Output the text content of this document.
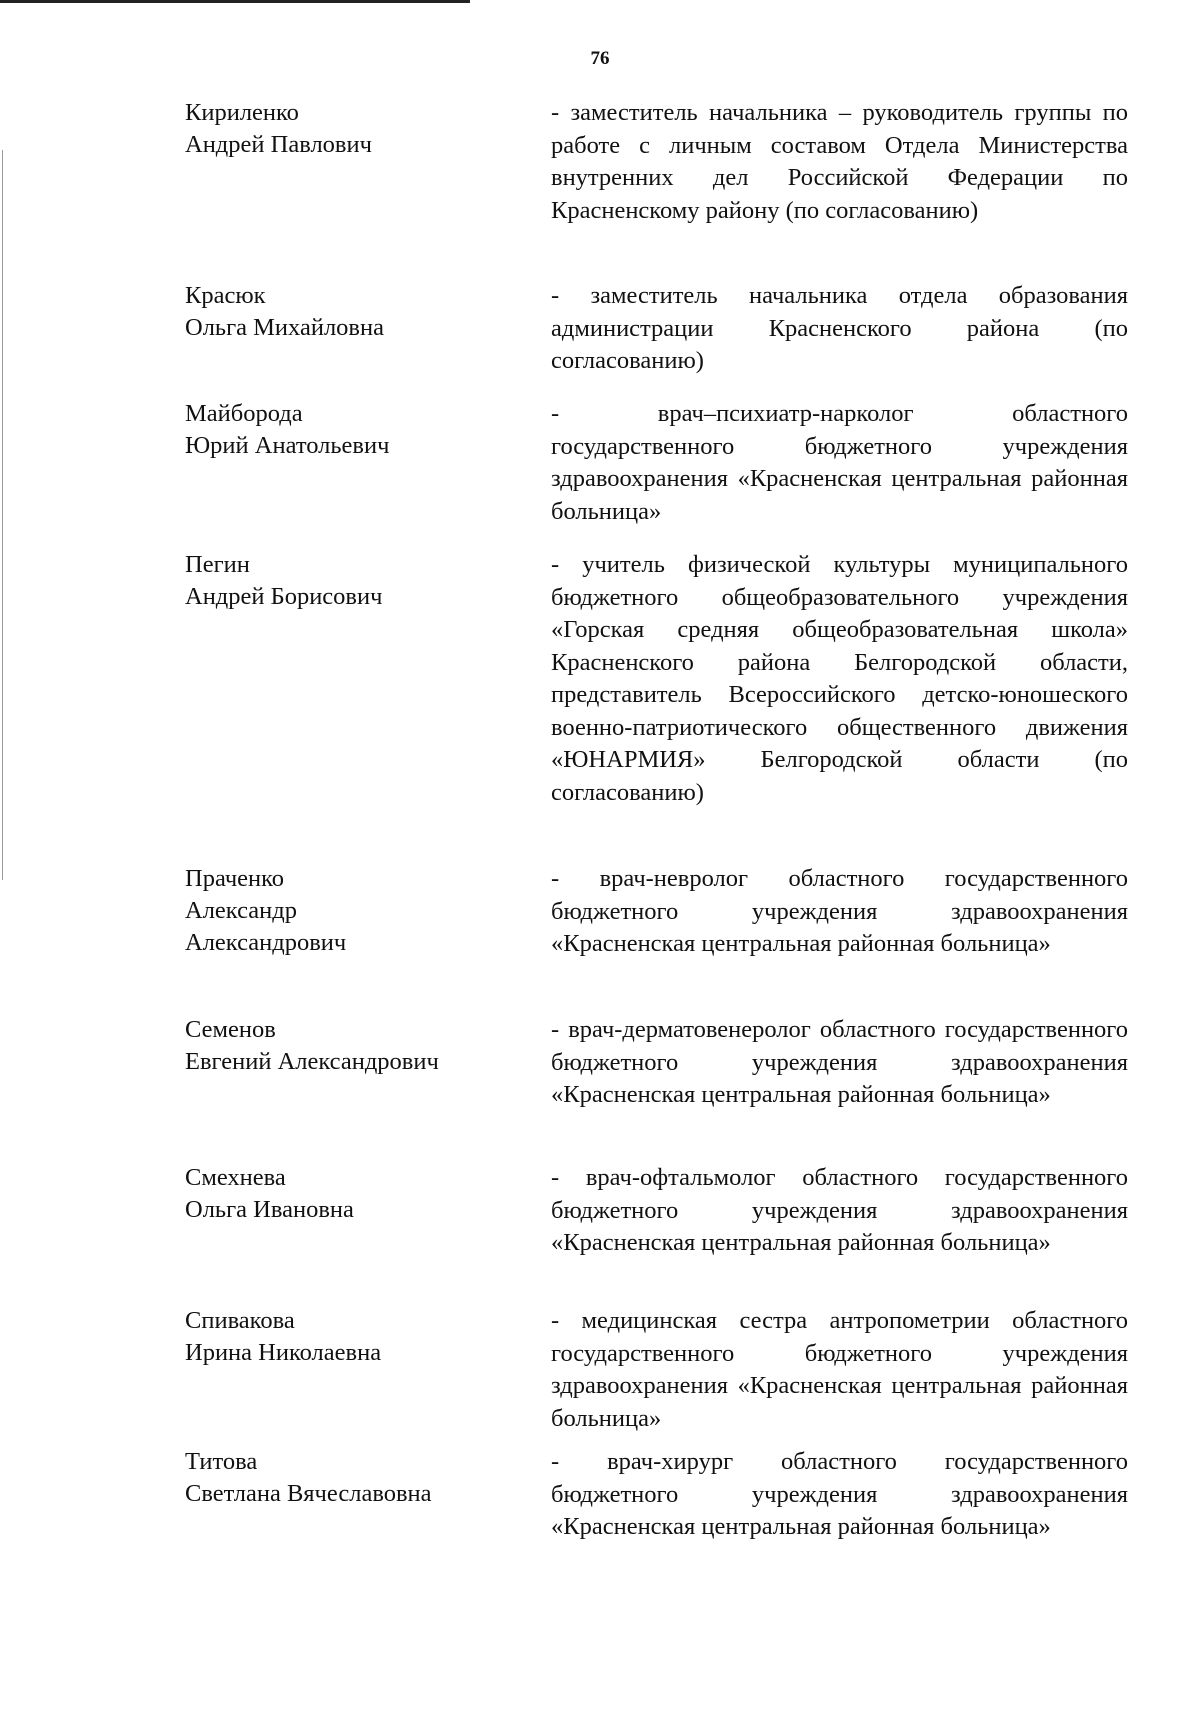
76
Кириленко
Андрей Павлович
- заместитель начальника – руководитель группы по работе с личным составом Отдела Министерства внутренних дел Российской Федерации по Красненскому району (по согласованию)
Красюк
Ольга Михайловна
- заместитель начальника отдела образования администрации Красненского района (по согласованию)
Майборода
Юрий Анатольевич
- врач–психиатр-нарколог областного государственного бюджетного учреждения здравоохранения «Красненская центральная районная больница»
Пегин
Андрей Борисович
- учитель физической культуры муниципального бюджетного общеобразовательного учреждения «Горская средняя общеобразовательная школа» Красненского района Белгородской области, представитель Всероссийского детско-юношеского военно-патриотического общественного движения «ЮНАРМИЯ» Белгородской области (по согласованию)
Праченко
Александр
Александрович
- врач-невролог областного государственного бюджетного учреждения здравоохранения «Красненская центральная районная больница»
Семенов
Евгений Александрович
- врач-дерматовенеролог областного государственного бюджетного учреждения здравоохранения «Красненская центральная районная больница»
Смехнева
Ольга Ивановна
- врач-офтальмолог областного государственного бюджетного учреждения здравоохранения «Красненская центральная районная больница»
Спивакова
Ирина Николаевна
- медицинская сестра антропометрии областного государственного бюджетного учреждения здравоохранения «Красненская центральная районная больница»
Титова
Светлана Вячеславовна
- врач-хирург областного государственного бюджетного учреждения здравоохранения «Красненская центральная районная больница»
